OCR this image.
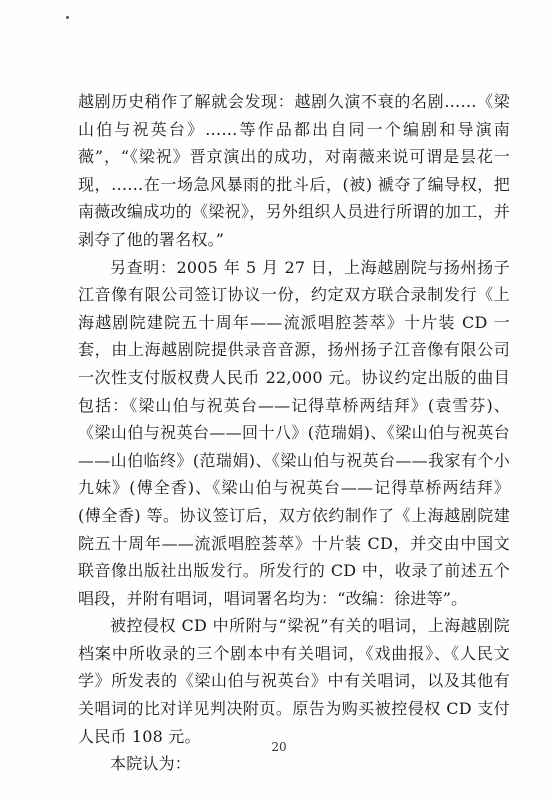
越剧历史稍作了解就会发现：越剧久演不衰的名剧……《梁山伯与祝英台》……等作品都出自同一个编剧和导演南薇”，“《梁祝》晋京演出的成功，对南薇来说可谓是昙花一现，……在一场急风暴雨的批斗后，(被) 褫夺了编导权，把南薇改编成功的《梁祝》，另外组织人员进行所谓的加工，并剥夺了他的署名权。”

另查明：2005 年 5 月 27 日，上海越剧院与扬州扬子江音像有限公司签订协议一份，约定双方联合录制发行《上海越剧院建院五十周年——流派唱腔荟萃》十片装 CD 一套，由上海越剧院提供录音音源，扬州扬子江音像有限公司一次性支付版权费人民币 22,000 元。协议约定出版的曲目包括：《梁山伯与祝英台——记得草桥两结拜》(袁雪芬)、《梁山伯与祝英台——回十八》(范瑞娟)、《梁山伯与祝英台——山伯临终》(范瑞娟)、《梁山伯与祝英台——我家有个小九妹》(傅全香)、《梁山伯与祝英台——记得草桥两结拜》(傅全香) 等。协议签订后，双方依约制作了《上海越剧院建院五十周年——流派唱腔荟萃》十片装 CD，并交由中国文联音像出版社出版发行。所发行的 CD 中，收录了前述五个唱段，并附有唱词，唱词署名均为：“改编：徐进等”。

被控侵权 CD 中所附与“梁祝”有关的唱词，上海越剧院档案中所收录的三个剧本中有关唱词，《戏曲报》、《人民文学》所发表的《梁山伯与祝英台》中有关唱词，以及其他有关唱词的比对详见判决附页。原告为购买被控侵权 CD 支付人民币 108 元。

本院认为：

20
